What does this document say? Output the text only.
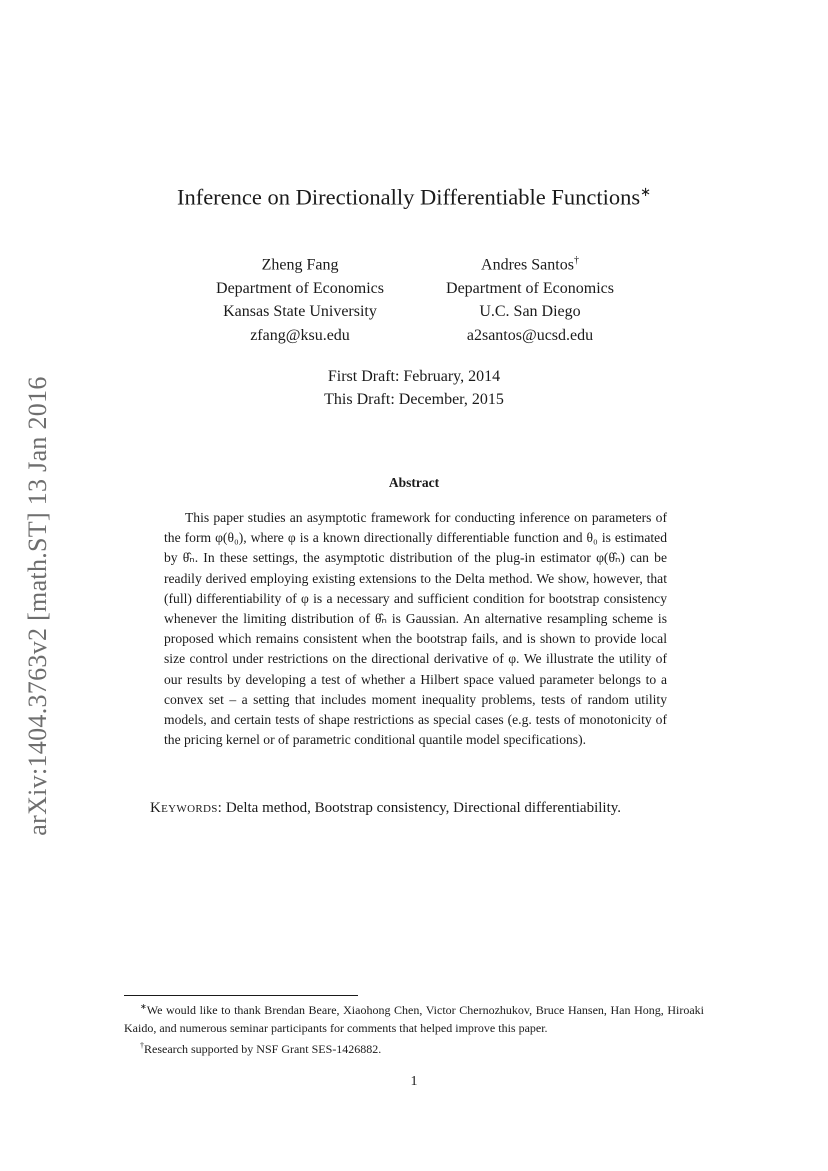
arXiv:1404.3763v2 [math.ST] 13 Jan 2016
Inference on Directionally Differentiable Functions∗
Zheng Fang
Department of Economics
Kansas State University
zfang@ksu.edu
Andres Santos†
Department of Economics
U.C. San Diego
a2santos@ucsd.edu
First Draft: February, 2014
This Draft: December, 2015
Abstract

This paper studies an asymptotic framework for conducting inference on parameters of the form φ(θ₀), where φ is a known directionally differentiable function and θ₀ is estimated by θ̂ₙ. In these settings, the asymptotic distribution of the plug-in estimator φ(θ̂ₙ) can be readily derived employing existing extensions to the Delta method. We show, however, that (full) differentiability of φ is a necessary and sufficient condition for bootstrap consistency whenever the limiting distribution of θ̂ₙ is Gaussian. An alternative resampling scheme is proposed which remains consistent when the bootstrap fails, and is shown to provide local size control under restrictions on the directional derivative of φ. We illustrate the utility of our results by developing a test of whether a Hilbert space valued parameter belongs to a convex set – a setting that includes moment inequality problems, tests of random utility models, and certain tests of shape restrictions as special cases (e.g. tests of monotonicity of the pricing kernel or of parametric conditional quantile model specifications).

Keywords: Delta method, Bootstrap consistency, Directional differentiability.

∗We would like to thank Brendan Beare, Xiaohong Chen, Victor Chernozhukov, Bruce Hansen, Han Hong, Hiroaki Kaido, and numerous seminar participants for comments that helped improve this paper.

†Research supported by NSF Grant SES-1426882.

1
